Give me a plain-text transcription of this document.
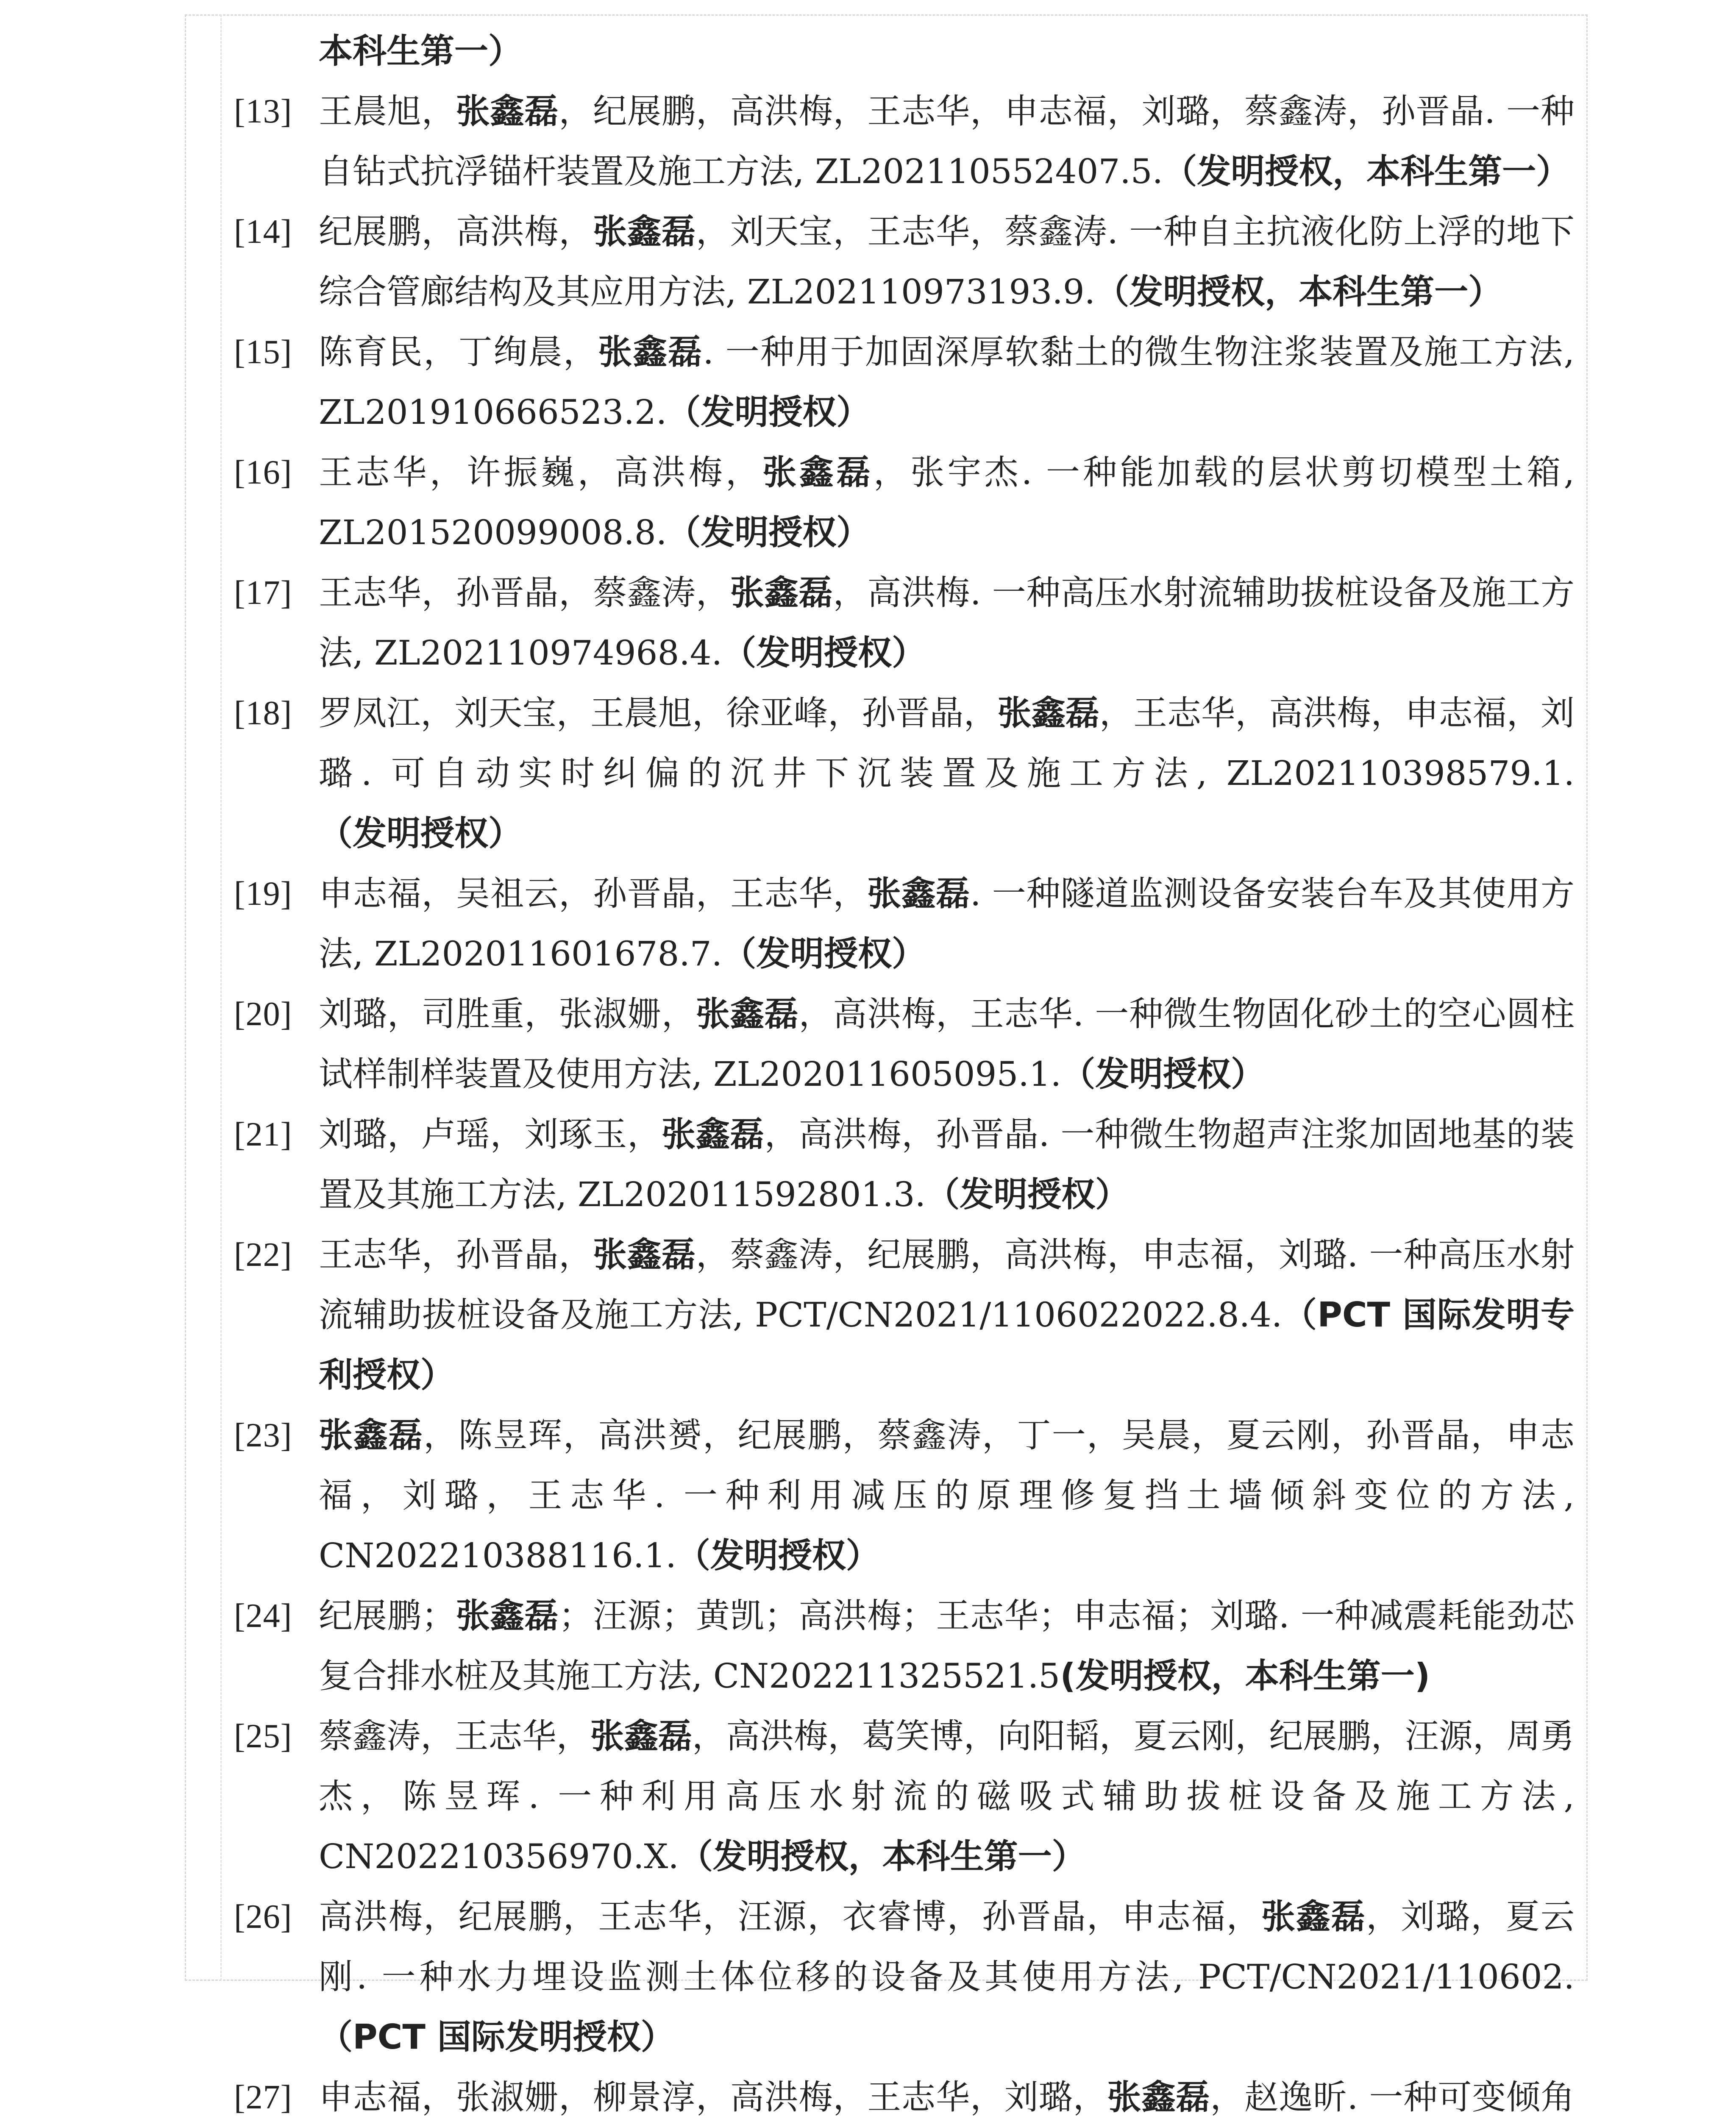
本科生第一）
[13] 王晨旭，张鑫磊，纪展鹏，高洪梅，王志华，申志福，刘璐，蔡鑫涛，孙晋晶. 一种自钻式抗浮锚杆装置及施工方法, ZL202110552407.5.（发明授权，本科生第一）
[14] 纪展鹏，高洪梅，张鑫磊，刘天宝，王志华，蔡鑫涛. 一种自主抗液化防上浮的地下综合管廊结构及其应用方法, ZL202110973193.9.（发明授权，本科生第一）
[15] 陈育民，丁绚晨，张鑫磊. 一种用于加固深厚软黏土的微生物注浆装置及施工方法, ZL201910666523.2.（发明授权）
[16] 王志华，许振巍，高洪梅，张鑫磊，张宇杰. 一种能加载的层状剪切模型土箱, ZL201520099008.8.（发明授权）
[17] 王志华，孙晋晶，蔡鑫涛，张鑫磊，高洪梅. 一种高压水射流辅助拔桩设备及施工方法, ZL202110974968.4.（发明授权）
[18] 罗凤江，刘天宝，王晨旭，徐亚峰，孙晋晶，张鑫磊，王志华，高洪梅，申志福，刘璐. 可自动实时纠偏的沉井下沉装置及施工方法, ZL202110398579.1.（发明授权）
[19] 申志福，吴祖云，孙晋晶，王志华，张鑫磊. 一种隧道监测设备安装台车及其使用方法, ZL202011601678.7.（发明授权）
[20] 刘璐，司胜重，张淑姗，张鑫磊，高洪梅，王志华. 一种微生物固化砂土的空心圆柱试样制样装置及使用方法, ZL202011605095.1.（发明授权）
[21] 刘璐，卢瑶，刘琢玉，张鑫磊，高洪梅，孙晋晶. 一种微生物超声注浆加固地基的装置及其施工方法, ZL202011592801.3.（发明授权）
[22] 王志华，孙晋晶，张鑫磊，蔡鑫涛，纪展鹏，高洪梅，申志福，刘璐. 一种高压水射流辅助拔桩设备及施工方法, PCT/CN2021/1106022022.8.4.（PCT 国际发明专利授权）
[23] 张鑫磊，陈昱珲，高洪赟，纪展鹏，蔡鑫涛，丁一，吴晨，夏云刚，孙晋晶，申志福，刘璐，王志华. 一种利用减压的原理修复挡土墙倾斜变位的方法, CN202210388116.1.（发明授权）
[24] 纪展鹏；张鑫磊；汪源；黄凯；高洪梅；王志华；申志福；刘璐. 一种减震耗能劲芯复合排水桩及其施工方法, CN202211325521.5(发明授权，本科生第一)
[25] 蔡鑫涛，王志华，张鑫磊，高洪梅，葛笑博，向阳韬，夏云刚，纪展鹏，汪源，周勇杰，陈昱珲. 一种利用高压水射流的磁吸式辅助拔桩设备及施工方法, CN202210356970.X.（发明授权，本科生第一）
[26] 高洪梅，纪展鹏，王志华，汪源，衣睿博，孙晋晶，申志福，张鑫磊，刘璐，夏云刚. 一种水力埋设监测土体位移的设备及其使用方法, PCT/CN2021/110602.（PCT 国际发明授权）
[27] 申志福，张淑姗，柳景淳，高洪梅，王志华，刘璐，张鑫磊，赵逸昕. 一种可变倾角
